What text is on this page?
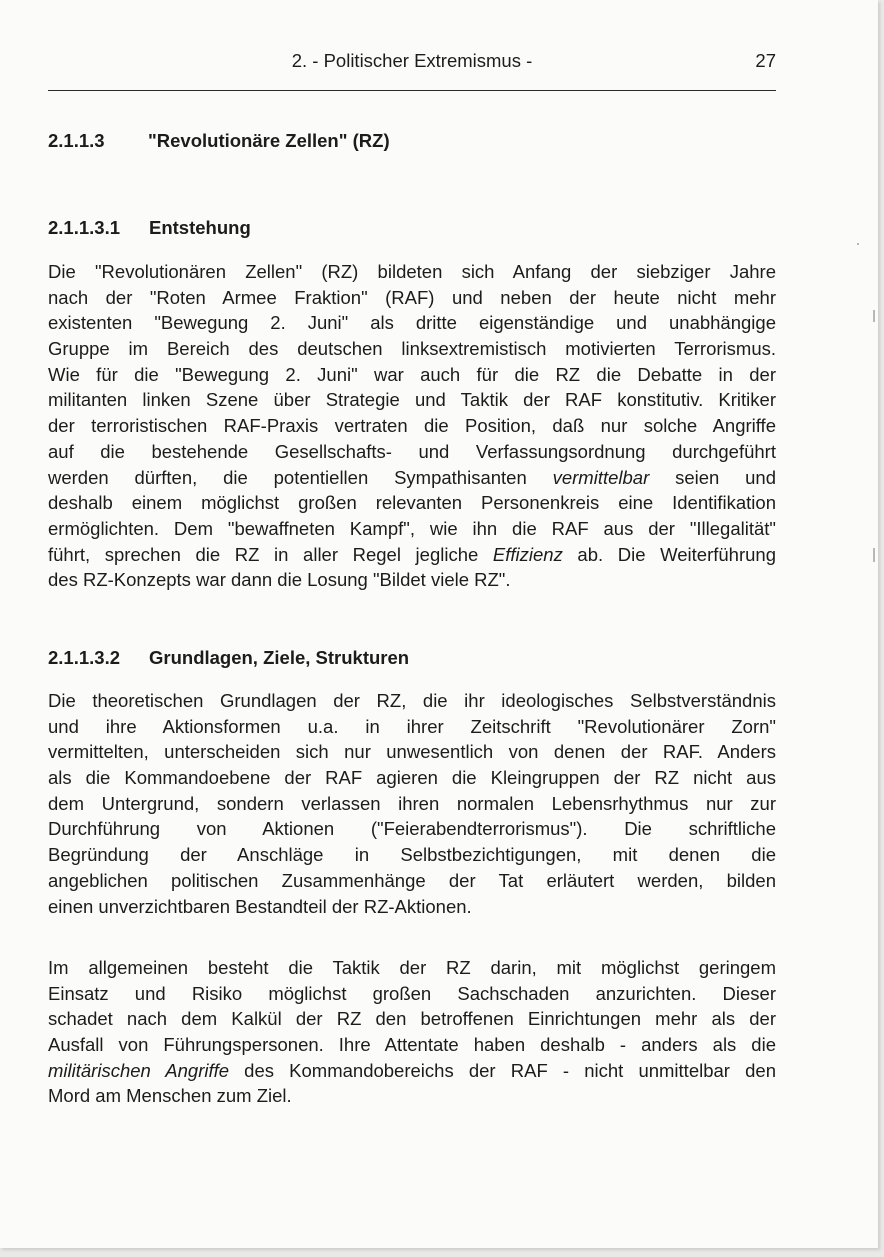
2. - Politischer Extremismus -	27
2.1.1.3 "Revolutionäre Zellen" (RZ)
2.1.1.3.1 Entstehung
Die "Revolutionären Zellen" (RZ) bildeten sich Anfang der siebziger Jahre
nach der "Roten Armee Fraktion" (RAF) und neben der heute nicht mehr
existenten "Bewegung 2. Juni" als dritte eigenständige und unabhängige
Gruppe im Bereich des deutschen linksextremistisch motivierten Terrorismus.
Wie für die "Bewegung 2. Juni" war auch für die RZ die Debatte in der
militanten linken Szene über Strategie und Taktik der RAF konstitutiv. Kritiker
der terroristischen RAF-Praxis vertraten die Position, daß nur solche Angriffe
auf die bestehende Gesellschafts- und Verfassungsordnung durchgeführt
werden dürften, die potentiellen Sympathisanten vermittelbar seien und
deshalb einem möglichst großen relevanten Personenkreis eine Identifikation
ermöglichten. Dem "bewaffneten Kampf", wie ihn die RAF aus der "Illegalität"
führt, sprechen die RZ in aller Regel jegliche Effizienz ab. Die Weiterführung
des RZ-Konzepts war dann die Losung "Bildet viele RZ".
2.1.1.3.2 Grundlagen, Ziele, Strukturen
Die theoretischen Grundlagen der RZ, die ihr ideologisches Selbstverständnis
und ihre Aktionsformen u.a. in ihrer Zeitschrift "Revolutionärer Zorn"
vermittelten, unterscheiden sich nur unwesentlich von denen der RAF. Anders
als die Kommandoebene der RAF agieren die Kleingruppen der RZ nicht aus
dem Untergrund, sondern verlassen ihren normalen Lebensrhythmus nur zur
Durchführung von Aktionen ("Feierabendterrorismus"). Die schriftliche
Begründung der Anschläge in Selbstbezichtigungen, mit denen die
angeblichen politischen Zusammenhänge der Tat erläutert werden, bilden
einen unverzichtbaren Bestandteil der RZ-Aktionen.
Im allgemeinen besteht die Taktik der RZ darin, mit möglichst geringem
Einsatz und Risiko möglichst großen Sachschaden anzurichten. Dieser
schadet nach dem Kalkül der RZ den betroffenen Einrichtungen mehr als der
Ausfall von Führungspersonen. Ihre Attentate haben deshalb - anders als die
militärischen Angriffe des Kommandobereichs der RAF - nicht unmittelbar den
Mord am Menschen zum Ziel.
